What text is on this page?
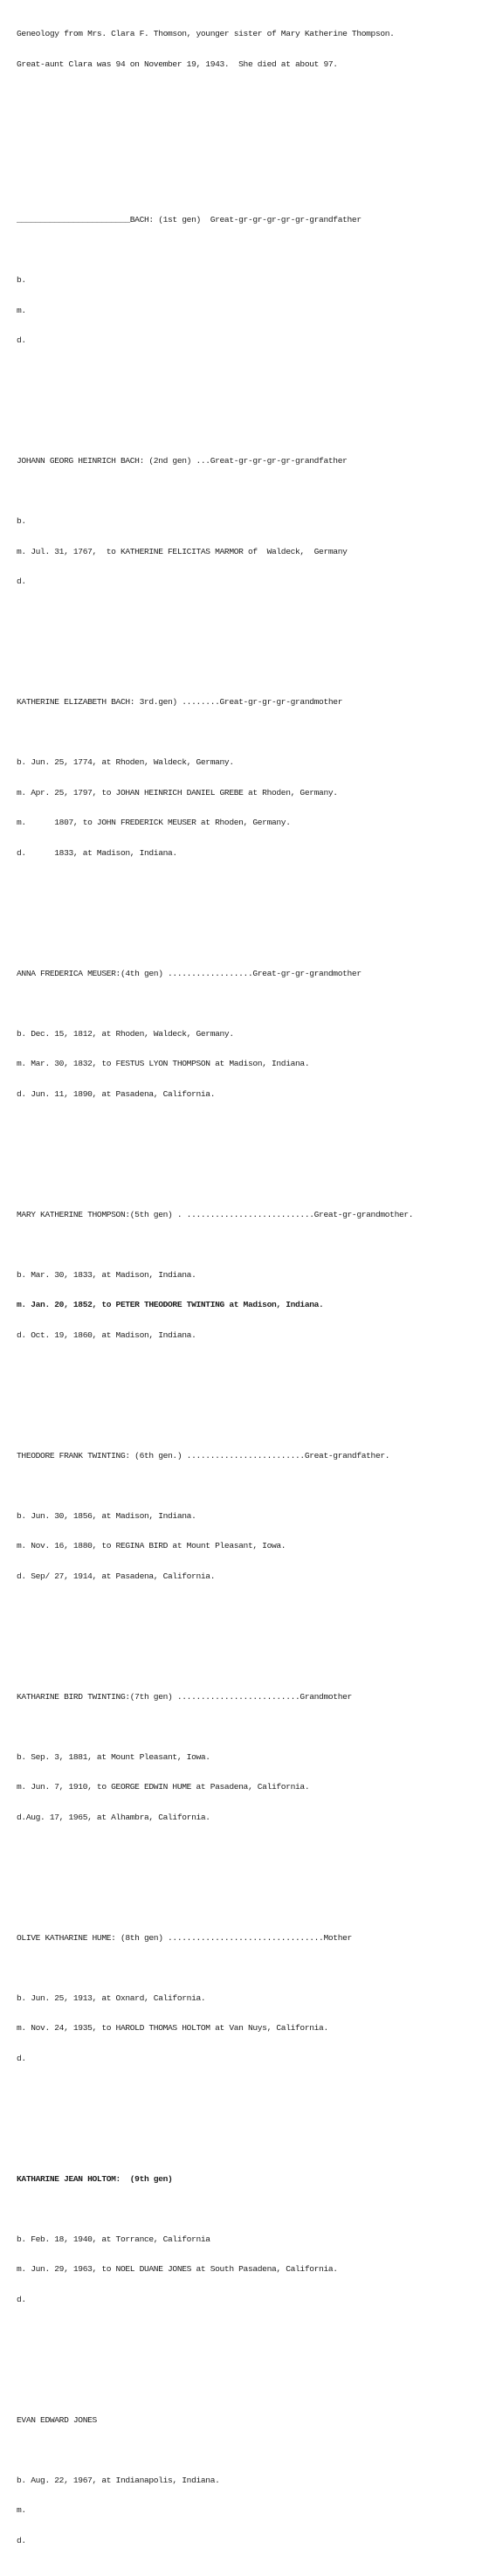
Geneology from Mrs. Clara F. Thomson, younger sister of Mary Katherine Thompson.

Great-aunt Clara was 94 on November 19, 1943.  She died at about 97.

________________________BACH: (1st gen)  Great-gr-gr-gr-gr-gr-grandfather

b.

m.

d.

JOHANN GEORG HEINRICH BACH: (2nd gen) ...Great-gr-gr-gr-gr-grandfather

b.

m. Jul. 31, 1767,  to KATHERINE FELICITAS MARMOR of  Waldeck,  Germany

d.

KATHERINE ELIZABETH BACH: 3rd.gen) ........Great-gr-gr-gr-grandmother

b. Jun. 25, 1774, at Rhoden, Waldeck, Germany.

m. Apr. 25, 1797, to JOHAN HEINRICH DANIEL GREBE at Rhoden, Germany.

m.      1807, to JOHN FREDERICK MEUSER at Rhoden, Germany.

d.      1833, at Madison, Indiana.

ANNA FREDERICA MEUSER:(4th gen) ..................Great-gr-gr-grandmother

b. Dec. 15, 1812, at Rhoden, Waldeck, Germany.

m. Mar. 30, 1832, to FESTUS LYON THOMPSON at Madison, Indiana.

d. Jun. 11, 1890, at Pasadena, California.

MARY KATHERINE THOMPSON:(5th gen) . ...........................Great-gr-grandmother.

b. Mar. 30, 1833, at Madison, Indiana.

m. Jan. 20, 1852, to PETER THEODORE TWINTING at Madison, Indiana.

d. Oct. 19, 1860, at Madison, Indiana.

THEODORE FRANK TWINTING: (6th gen.) .........................Great-grandfather.

b. Jun. 30, 1856, at Madison, Indiana.

m. Nov. 16, 1880, to REGINA BIRD at Mount Pleasant, Iowa.

d. Sep/ 27, 1914, at Pasadena, California.

KATHARINE BIRD TWINTING:(7th gen) ..........................Grandmother

b. Sep. 3, 1881, at Mount Pleasant, Iowa.

m. Jun. 7, 1910, to GEORGE EDWIN HUME at Pasadena, California.

d.Aug. 17, 1965, at Alhambra, California.

OLIVE KATHARINE HUME: (8th gen) .................................Mother

b. Jun. 25, 1913, at Oxnard, California.

m. Nov. 24, 1935, to HAROLD THOMAS HOLTOM at Van Nuys, California.

d.

KATHARINE JEAN HOLTOM:  (9th gen)

b. Feb. 18, 1940, at Torrance, California

m. Jun. 29, 1963, to NOEL DUANE JONES at South Pasadena, California.

d.

EVAN EDWARD JONES

b. Aug. 22, 1967, at Indianapolis, Indiana.

m.

d.
